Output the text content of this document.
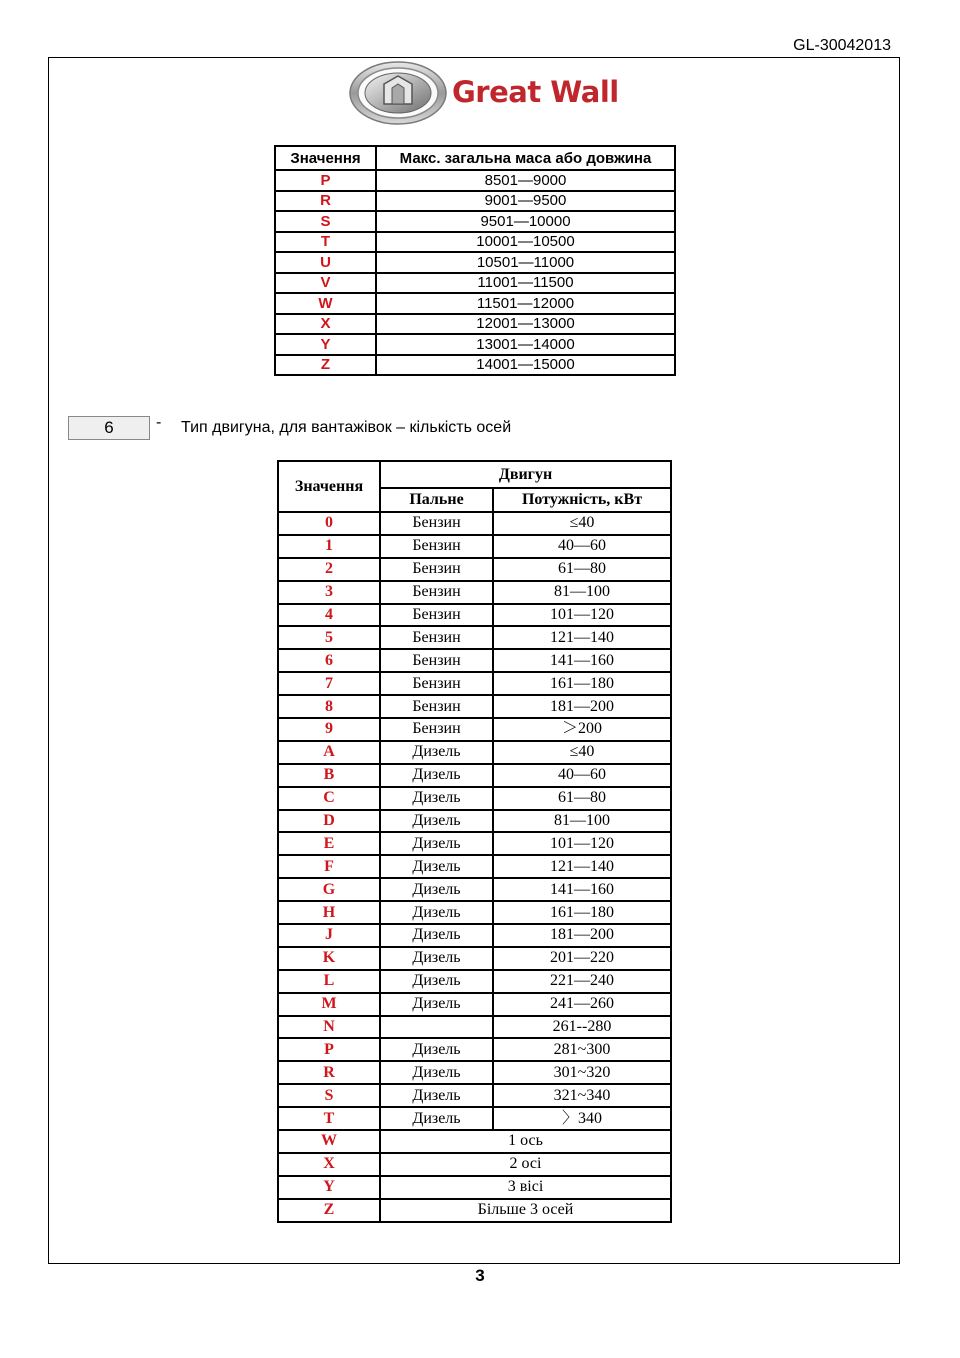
GL-30042013
Great Wall
Значення	Макс. загальна маса або довжина
P	8501—9000
R	9001—9500
S	9501—10000
T	10001—10500
U	10501—11000
V	11001—11500
W	11501—12000
X	12001—13000
Y	13001—14000
Z	14001—15000
6	- Тип двигуна, для вантажівок – кількість осей
Значення	Двигун	
	Пальне	Потужність, кВт
0	Бензин	≤40
1	Бензин	40—60
2	Бензин	61—80
3	Бензин	81—100
4	Бензин	101—120
5	Бензин	121—140
6	Бензин	141—160
7	Бензин	161—180
8	Бензин	181—200
9	Бензин	＞200
A	Дизель	≤40
B	Дизель	40—60
C	Дизель	61—80
D	Дизель	81—100
E	Дизель	101—120
F	Дизель	121—140
G	Дизель	141—160
H	Дизель	161—180
J	Дизель	181—200
K	Дизель	201—220
L	Дизель	221—240
M	Дизель	241—260
N		261--280
P	Дизель	281~300
R	Дизель	301~320
S	Дизель	321~340
T	Дизель	〉340
W	1 ось	
X	2 осі	
Y	3 вісі	
Z	Більше 3 осей	
3
